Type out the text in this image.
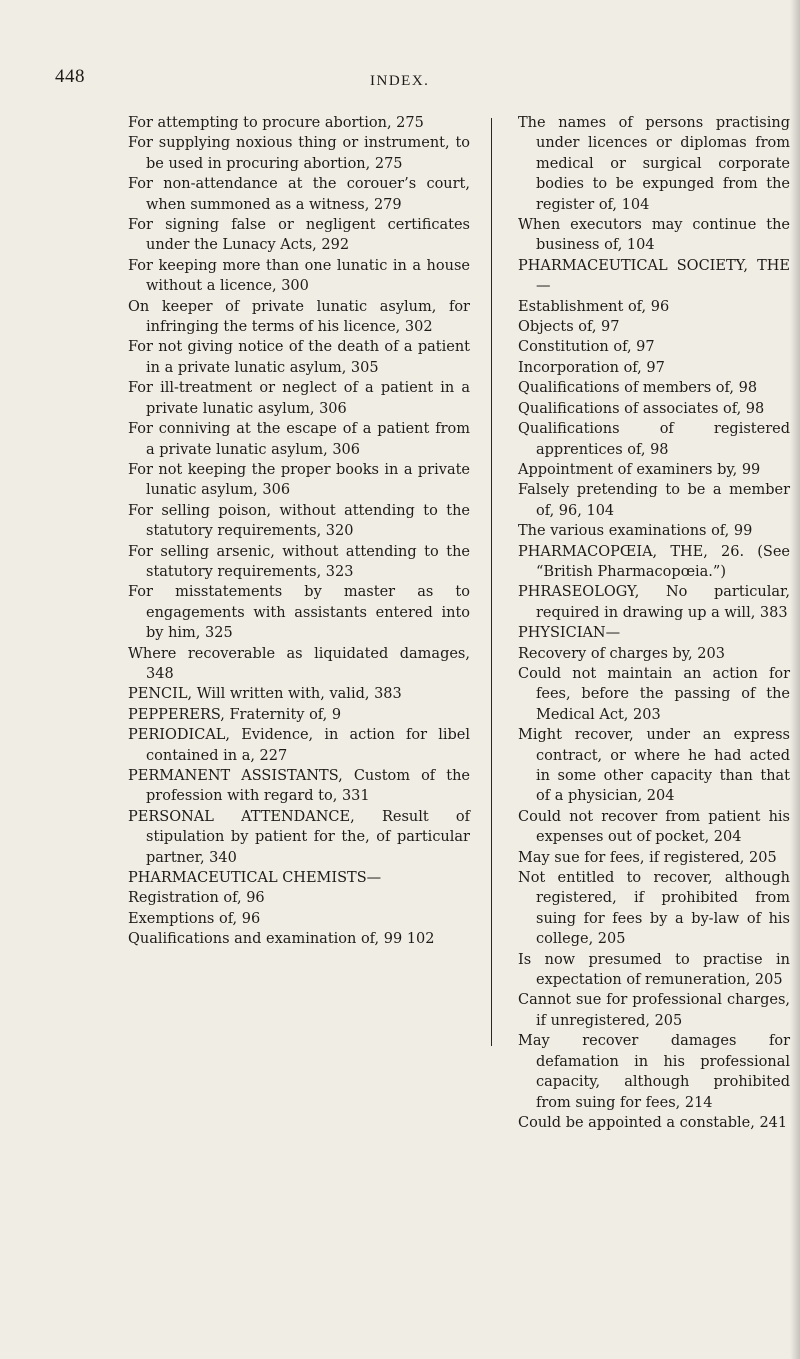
448	INDEX.

For attempting to procure abortion, 275

For supplying noxious thing or instrument, to be used in procuring abortion, 275

For non-attendance at the corouer’s court, when summoned as a witness, 279

For signing false or negligent certificates under the Lunacy Acts, 292

For keeping more than one lunatic in a house without a licence, 300

On keeper of private lunatic asylum, for infringing the terms of his licence, 302

For not giving notice of the death of a patient in a private lunatic asylum, 305

For ill-treatment or neglect of a patient in a private lunatic asylum, 306

For conniving at the escape of a patient from a private lunatic asylum, 306

For not keeping the proper books in a private lunatic asylum, 306

For selling poison, without attending to the statutory requirements, 320

For selling arsenic, without attending to the statutory requirements, 323

For misstatements by master as to engagements with assistants entered into by him, 325

Where recoverable as liquidated damages, 348

PENCIL, Will written with, valid, 383

PEPPERERS, Fraternity of, 9

PERIODICAL, Evidence, in action for libel contained in a, 227

PERMANENT ASSISTANTS, Custom of the profession with regard to, 331

PERSONAL ATTENDANCE, Result of stipulation by patient for the, of particular partner, 340

PHARMACEUTICAL CHEMISTS—

Registration of, 96

Exemptions of, 96

Qualifications and examination of, 99 102

The names of persons practising under licences or diplomas from medical or surgical corporate bodies to be expunged from the register of, 104

When executors may continue the business of, 104

PHARMACEUTICAL SOCIETY, THE—

Establishment of, 96

Objects of, 97

Constitution of, 97

Incorporation of, 97

Qualifications of members of, 98

Qualifications of associates of, 98

Qualifications of registered apprentices of, 98

Appointment of examiners by, 99

Falsely pretending to be a member of, 96, 104

The various examinations of, 99

PHARMACOPŒIA, THE, 26. (See “British Pharmacopœia.”)

PHRASEOLOGY, No particular, required in drawing up a will, 383

PHYSICIAN—

Recovery of charges by, 203

Could not maintain an action for fees, before the passing of the Medical Act, 203

Might recover, under an express contract, or where he had acted in some other capacity than that of a physician, 204

Could not recover from patient his expenses out of pocket, 204

May sue for fees, if registered, 205

Not entitled to recover, although registered, if prohibited from suing for fees by a by-law of his college, 205

Is now presumed to practise in expectation of remuneration, 205

Cannot sue for professional charges, if unregistered, 205

May recover damages for defamation in his professional capacity, although prohibited from suing for fees, 214

Could be appointed a constable, 241
